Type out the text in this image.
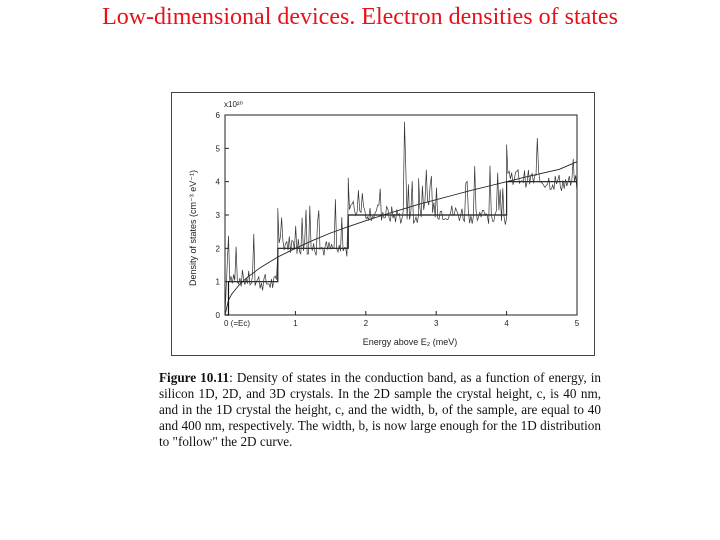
Low-dimensional devices. Electron densities of states
0 (=Ec)	1	2	3	4	5
0
1
2
3
4
5
6
x10²⁰
Density of states (cm⁻³ eV⁻¹)
Energy above E₂ (meV)
Figure 10.11: Density of states in the conduction band, as a function of energy, in silicon 1D, 2D, and 3D crystals. In the 2D sample the crystal height, c, is 40 nm, and in the 1D crystal the height, c, and the width, b, of the sample, are equal to 40 and 400 nm, respectively. The width, b, is now large enough for the 1D distribution to "follow" the 2D curve.
